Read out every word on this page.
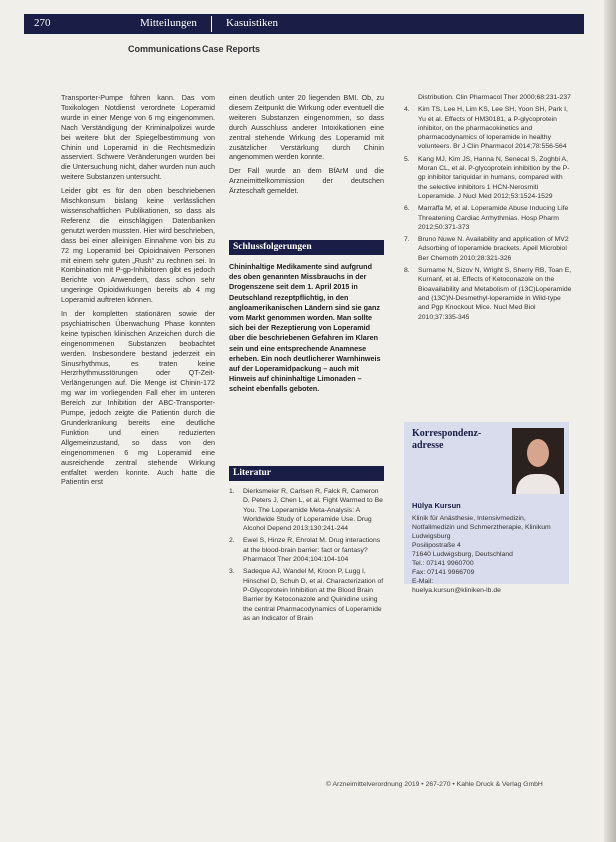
270	Mitteilungen	Kasuistiken
Communications Case Reports

Transporter-Pumpe führen kann. Das vom Toxikologen Notdienst verordnete Loperamid wurde in einer Menge von 6 mg eingenommen. Nach Verständigung der Kriminalpolizei wurde bei weitere blut der Spiegelbestimmung von Chinin und Loperamid in die Rechtsmedizin asserviert. Schwere Veränderungen wurden bei die Untersuchung nicht, daher wurden nun auch weitere Substanzen untersucht.

Leider gibt es für den oben beschriebenen Mischkonsum bislang keine verlässlichen wissenschaftlichen Publikationen, so dass als Referenz die einschlägigen Datenbanken genutzt werden mussten. Hier wird beschrieben, dass bei einer alleinigen Einnahme von bis zu 72 mg Loperamid bei Opioidnaiven Personen mit einem sehr guten „Rush“ zu rechnen sei. In Kombination mit P-gp-Inhibitoren gibt es jedoch Berichte von Anwendern, dass schon sehr ungeringe Opioidwirkungen bereits ab 4 mg Loperamid auftreten können.

In der kompletten stationären sowie der psychiatrischen Überwachung Phase konnten keine typischen klinischen Anzeichen durch die eingenommenen Substanzen beobachtet werden. Insbesondere bestand jederzeit ein Sinusrhythmus, es traten keine Herzrhythmusstörungen oder QT-Zeit-Verlängerungen auf. Die Menge ist Chinin-172 mg war im vorliegenden Fall eher im unteren Bereich zur Inhibition der ABC-Transporter-Pumpe, jedoch zeigte die Patientin durch die Grunderkrankung bereits eine deutliche Funktion und einen reduzierten Allgemeinzustand, so dass von den eingenommenen 6 mg Loperamid eine ausreichende zentral stehende Wirkung entfaltet werden konnte. Auch hatte die Patientin erst

einen deutlich unter 20 liegenden BMI. Ob, zu diesem Zeitpunkt die Wirkung oder eventuell die weiteren Substanzen eingenommen, so dass durch Ausschluss anderer Intoxikationen eine zentral stehende Wirkung des Loperamid mit zusätzlicher Verstärkung durch Chinin angenommen werden konnte.

Der Fall wurde an dem BfArM und die Arzneimittelkommission der deutschen Ärzteschaft gemeldet.

Schlussfolgerungen
Chininhaltige Medikamente sind aufgrund des oben genannten Missbrauchs in der Drogenszene seit dem 1. April 2015 in Deutschland rezeptpflichtig, in den angloamerikanischen Ländern sind sie ganz vom Markt genommen worden. Man sollte sich bei der Rezeptierung von Loperamid über die beschriebenen Gefahren im Klaren sein und eine entsprechende Anamnese erheben. Ein noch deutlicherer Warnhinweis auf der Loperamidpackung – auch mit Hinweis auf chininhaltige Limonaden – scheint ebenfalls geboten.
Literatur
1. Dierksmeier R, Carlsen R, Falck R, Cameron D, Peters J, Chen L, et al. Fight Warmed to Be You. The Loperamide Meta-Analysis: A Worldwide Study of Loperamide Use. Drug Alcohol Depend 2013;130:241-244
2. Ewel S, Hinze R, Ehrolat M. Drug interactions at the blood-brain barrier: fact or fantasy? Pharmacol Ther 2004;104:104-104
3. Sadeque AJ, Wandel M, Kroon P, Lugg I, Hinschel D, Schuh D, et al. Characterization of P-Glycoprotein Inhibition at the Blood Brain Barrier by Ketoconazole and Quinidine using the central Pharmacodynamics of Loperamide as an Indicator of Brain
Distribution. Clin Pharmacol Ther 2000;68:231-237
4. Kim TS, Lee H, Lim KS, Lee SH, Yoon SH, Park I, Yu et al. Effects of HM30181, a P-glycoprotein inhibitor, on the pharmacokinetics and pharmacodynamics of loperamide in healthy volunteers. Br J Clin Pharmacol 2014;78:556-564
5. Kang MJ, Kim JS, Hanna N, Senecal S, Zoghbi A, Moran CL, et al. P-glycoprotein inhibition by the P-gp inhibitor tariquidar in humans, compared with the selective inhibitors 1 HCN-Nerosmiti Loperamide. J Nucl Med 2012;53:1524-1529
6. Marraffa M, et al. Loperamide Abuse Inducing Life Threatening Cardiac Arrhythmias. Hosp Pharm 2012;50:371-373
7. Bruno Nuwe N. Availability and application of MV2 Adsorbing of loperamide brackets. Apeil Microbiol Ber Chemoth 2010;28:321-326
8. Surname N, Sizov N, Wright S, Sherry RB, Toan E, Kurnanf, et al. Effects of Ketoconazole on the Bioavailability and Metabolism of (13C)Loperamide and (13C)N-Desmethyl-loperamide in Wild-type and Pgp Knockout Mice. Nucl Med Biol 2010;37:335-345
Korrespondenz-adresse
Hülya Kursun
Klinik für Anästhesie, Intensivmedizin, Notfallmedizin und Schmerztherapie, Klinikum Ludwigsburg
Posilipostraße 4
71640 Ludwigsburg, Deutschland
Tel.: 07141 9960700
Fax: 07141 9966709
E-Mail:
huelya.kursun@kliniken-lb.de
© Arzneimittelverordnung 2019 • 267-270 • Kahle Druck & Verlag GmbH
